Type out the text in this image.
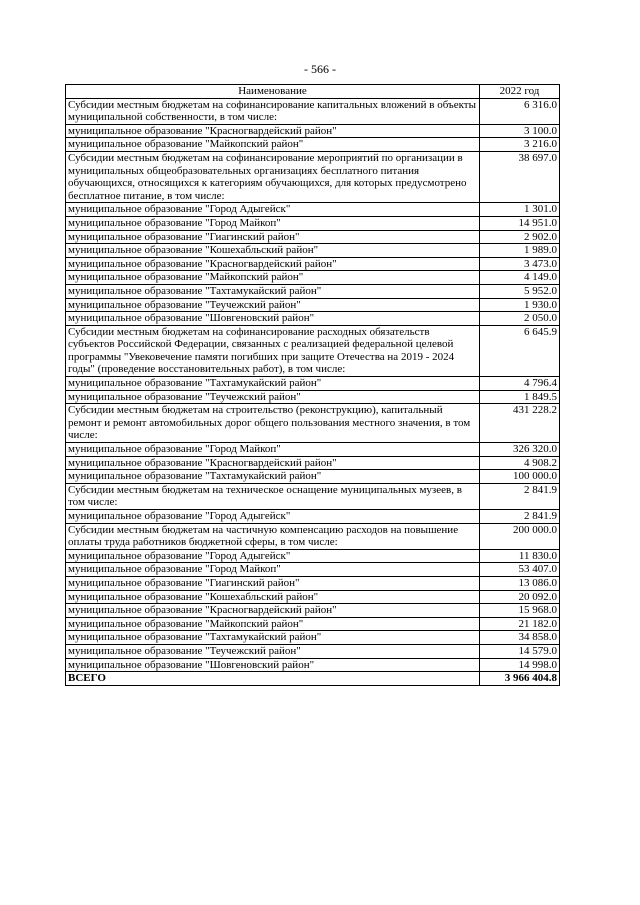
- 566 -
Наименование	2022 год
Субсидии местным бюджетам на софинансирование капитальных вложений в объекты муниципальной собственности, в том числе:	6 316.0
муниципальное образование "Красногвардейский район"	3 100.0
муниципальное образование "Майкопский район"	3 216.0
Субсидии местным бюджетам на софинансирование мероприятий по организации в муниципальных общеобразовательных организациях бесплатного питания обучающихся, относящихся к категориям обучающихся, для которых предусмотрено бесплатное питание, в том числе:	38 697.0
муниципальное образование "Город Адыгейск"	1 301.0
муниципальное образование "Город Майкоп"	14 951.0
муниципальное образование "Гиагинский район"	2 902.0
муниципальное образование "Кошехабльский район"	1 989.0
муниципальное образование "Красногвардейский район"	3 473.0
муниципальное образование "Майкопский район"	4 149.0
муниципальное образование "Тахтамукайский район"	5 952.0
муниципальное образование "Теучежский район"	1 930.0
муниципальное образование "Шовгеновский район"	2 050.0
Субсидии местным бюджетам на софинансирование расходных обязательств субъектов Российской Федерации, связанных с реализацией федеральной целевой программы "Увековечение памяти погибших при защите Отечества на 2019 - 2024 годы" (проведение восстановительных работ), в том числе:	6 645.9
муниципальное образование "Тахтамукайский район"	4 796.4
муниципальное образование "Теучежский район"	1 849.5
Субсидии местным бюджетам на строительство (реконструкцию), капитальный ремонт и ремонт автомобильных дорог общего пользования местного значения, в том числе:	431 228.2
муниципальное образование "Город Майкоп"	326 320.0
муниципальное образование "Красногвардейский район"	4 908.2
муниципальное образование "Тахтамукайский район"	100 000.0
Субсидии местным бюджетам на техническое оснащение муниципальных музеев, в том числе:	2 841.9
муниципальное образование "Город Адыгейск"	2 841.9
Субсидии местным бюджетам на частичную компенсацию расходов на повышение оплаты труда работников бюджетной сферы, в том числе:	200 000.0
муниципальное образование "Город Адыгейск"	11 830.0
муниципальное образование "Город Майкоп"	53 407.0
муниципальное образование "Гиагинский район"	13 086.0
муниципальное образование "Кошехабльский район"	20 092.0
муниципальное образование "Красногвардейский район"	15 968.0
муниципальное образование "Майкопский район"	21 182.0
муниципальное образование "Тахтамукайский район"	34 858.0
муниципальное образование "Теучежский район"	14 579.0
муниципальное образование "Шовгеновский район"	14 998.0
ВСЕГО	3 966 404.8
